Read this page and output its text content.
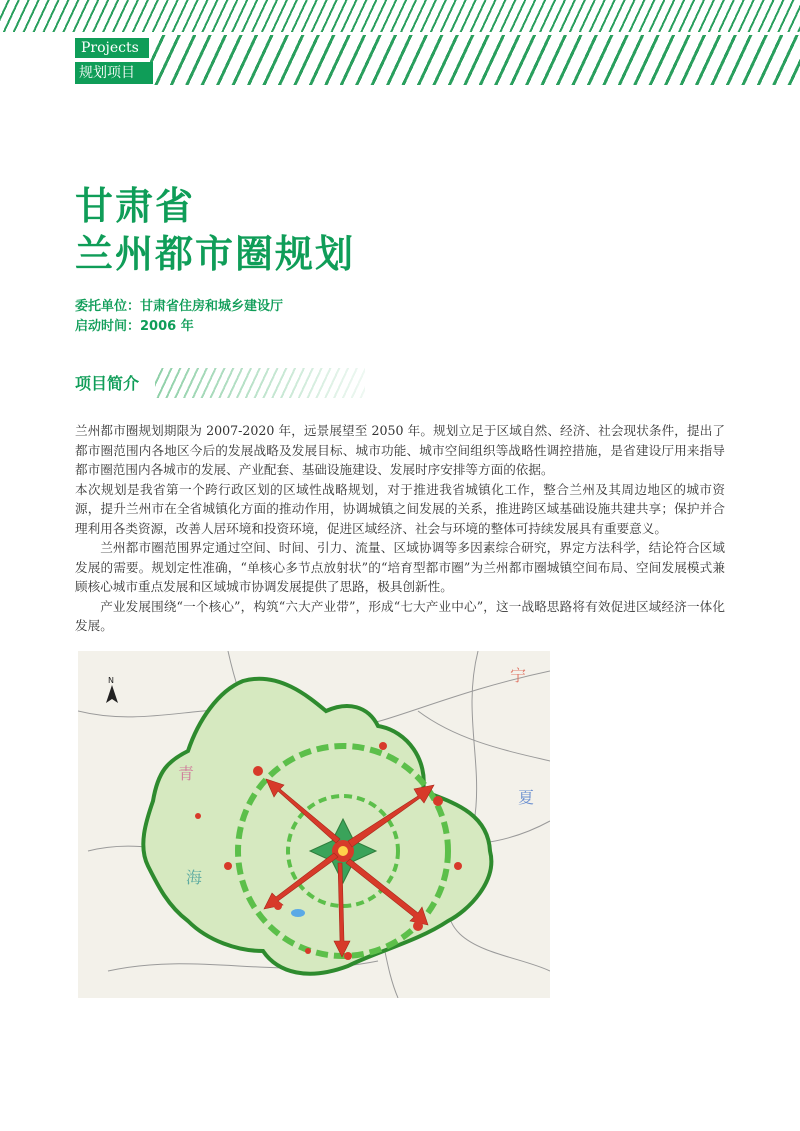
Projects
规划项目
甘肃省
兰州都市圈规划
委托单位：甘肃省住房和城乡建设厅
启动时间：2006 年
项目简介

兰州都市圈规划期限为 2007-2020 年，远景展望至 2050 年。规划立足于区域自然、经济、社会现状条件，提出了都市圈范围内各地区今后的发展战略及发展目标、城市功能、城市空间组织等战略性调控措施，是省建设厅用来指导都市圈范围内各城市的发展、产业配套、基础设施建设、发展时序安排等方面的依据。

本次规划是我省第一个跨行政区划的区域性战略规划，对于推进我省城镇化工作，整合兰州及其周边地区的城市资源，提升兰州市在全省城镇化方面的推动作用，协调城镇之间发展的关系，推进跨区域基础设施共建共享；保护并合理利用各类资源，改善人居环境和投资环境，促进区域经济、社会与环境的整体可持续发展具有重要意义。

兰州都市圈范围界定通过空间、时间、引力、流量、区域协调等多因素综合研究，界定方法科学，结论符合区域发展的需要。规划定性准确，“单核心多节点放射状”的“培育型都市圈”为兰州都市圈城镇空间布局、空间发展模式兼顾核心城市重点发展和区域城市协调发展提供了思路，极具创新性。

产业发展围绕“一个核心”，构筑“六大产业带”，形成“七大产业中心”，这一战略思路将有效促进区域经济一体化发展。

宁
夏
青
海
N
